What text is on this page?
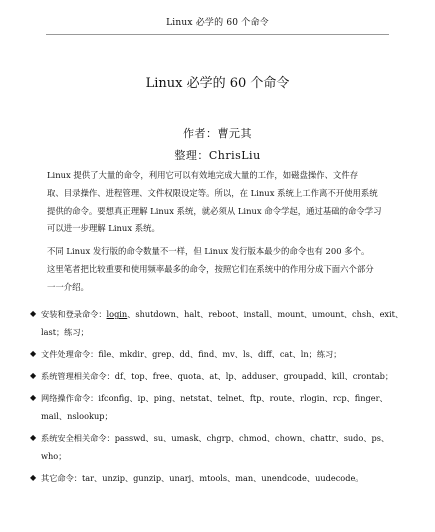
Linux 必学的 60 个命令
Linux 必学的 60 个命令
作者：曹元其
整理：ChrisLiu
Linux 提供了大量的命令，利用它可以有效地完成大量的工作，如磁盘操作、文件存
取、目录操作、进程管理、文件权限设定等。所以，在 Linux 系统上工作离不开使用系统
提供的命令。要想真正理解 Linux 系统，就必须从 Linux 命令学起，通过基础的命令学习
可以进一步理解 Linux 系统。
不同 Linux 发行版的命令数量不一样，但 Linux 发行版本最少的命令也有 200 多个。
这里笔者把比较重要和使用频率最多的命令，按照它们在系统中的作用分成下面六个部分
一一介绍。
◆ 安装和登录命令：login、shutdown、halt、reboot、install、mount、umount、chsh、exit、last；练习；
◆ 文件处理命令：file、mkdir、grep、dd、find、mv、ls、diff、cat、ln；练习；
◆ 系统管理相关命令：df、top、free、quota、at、lp、adduser、groupadd、kill、crontab；
◆ 网络操作命令：ifconfig、ip、ping、netstat、telnet、ftp、route、rlogin、rcp、finger、mail、nslookup；
◆ 系统安全相关命令：passwd、su、umask、chgrp、chmod、chown、chattr、sudo、ps、who；
◆ 其它命令：tar、unzip、gunzip、unarj、mtools、man、unendcode、uudecode。
